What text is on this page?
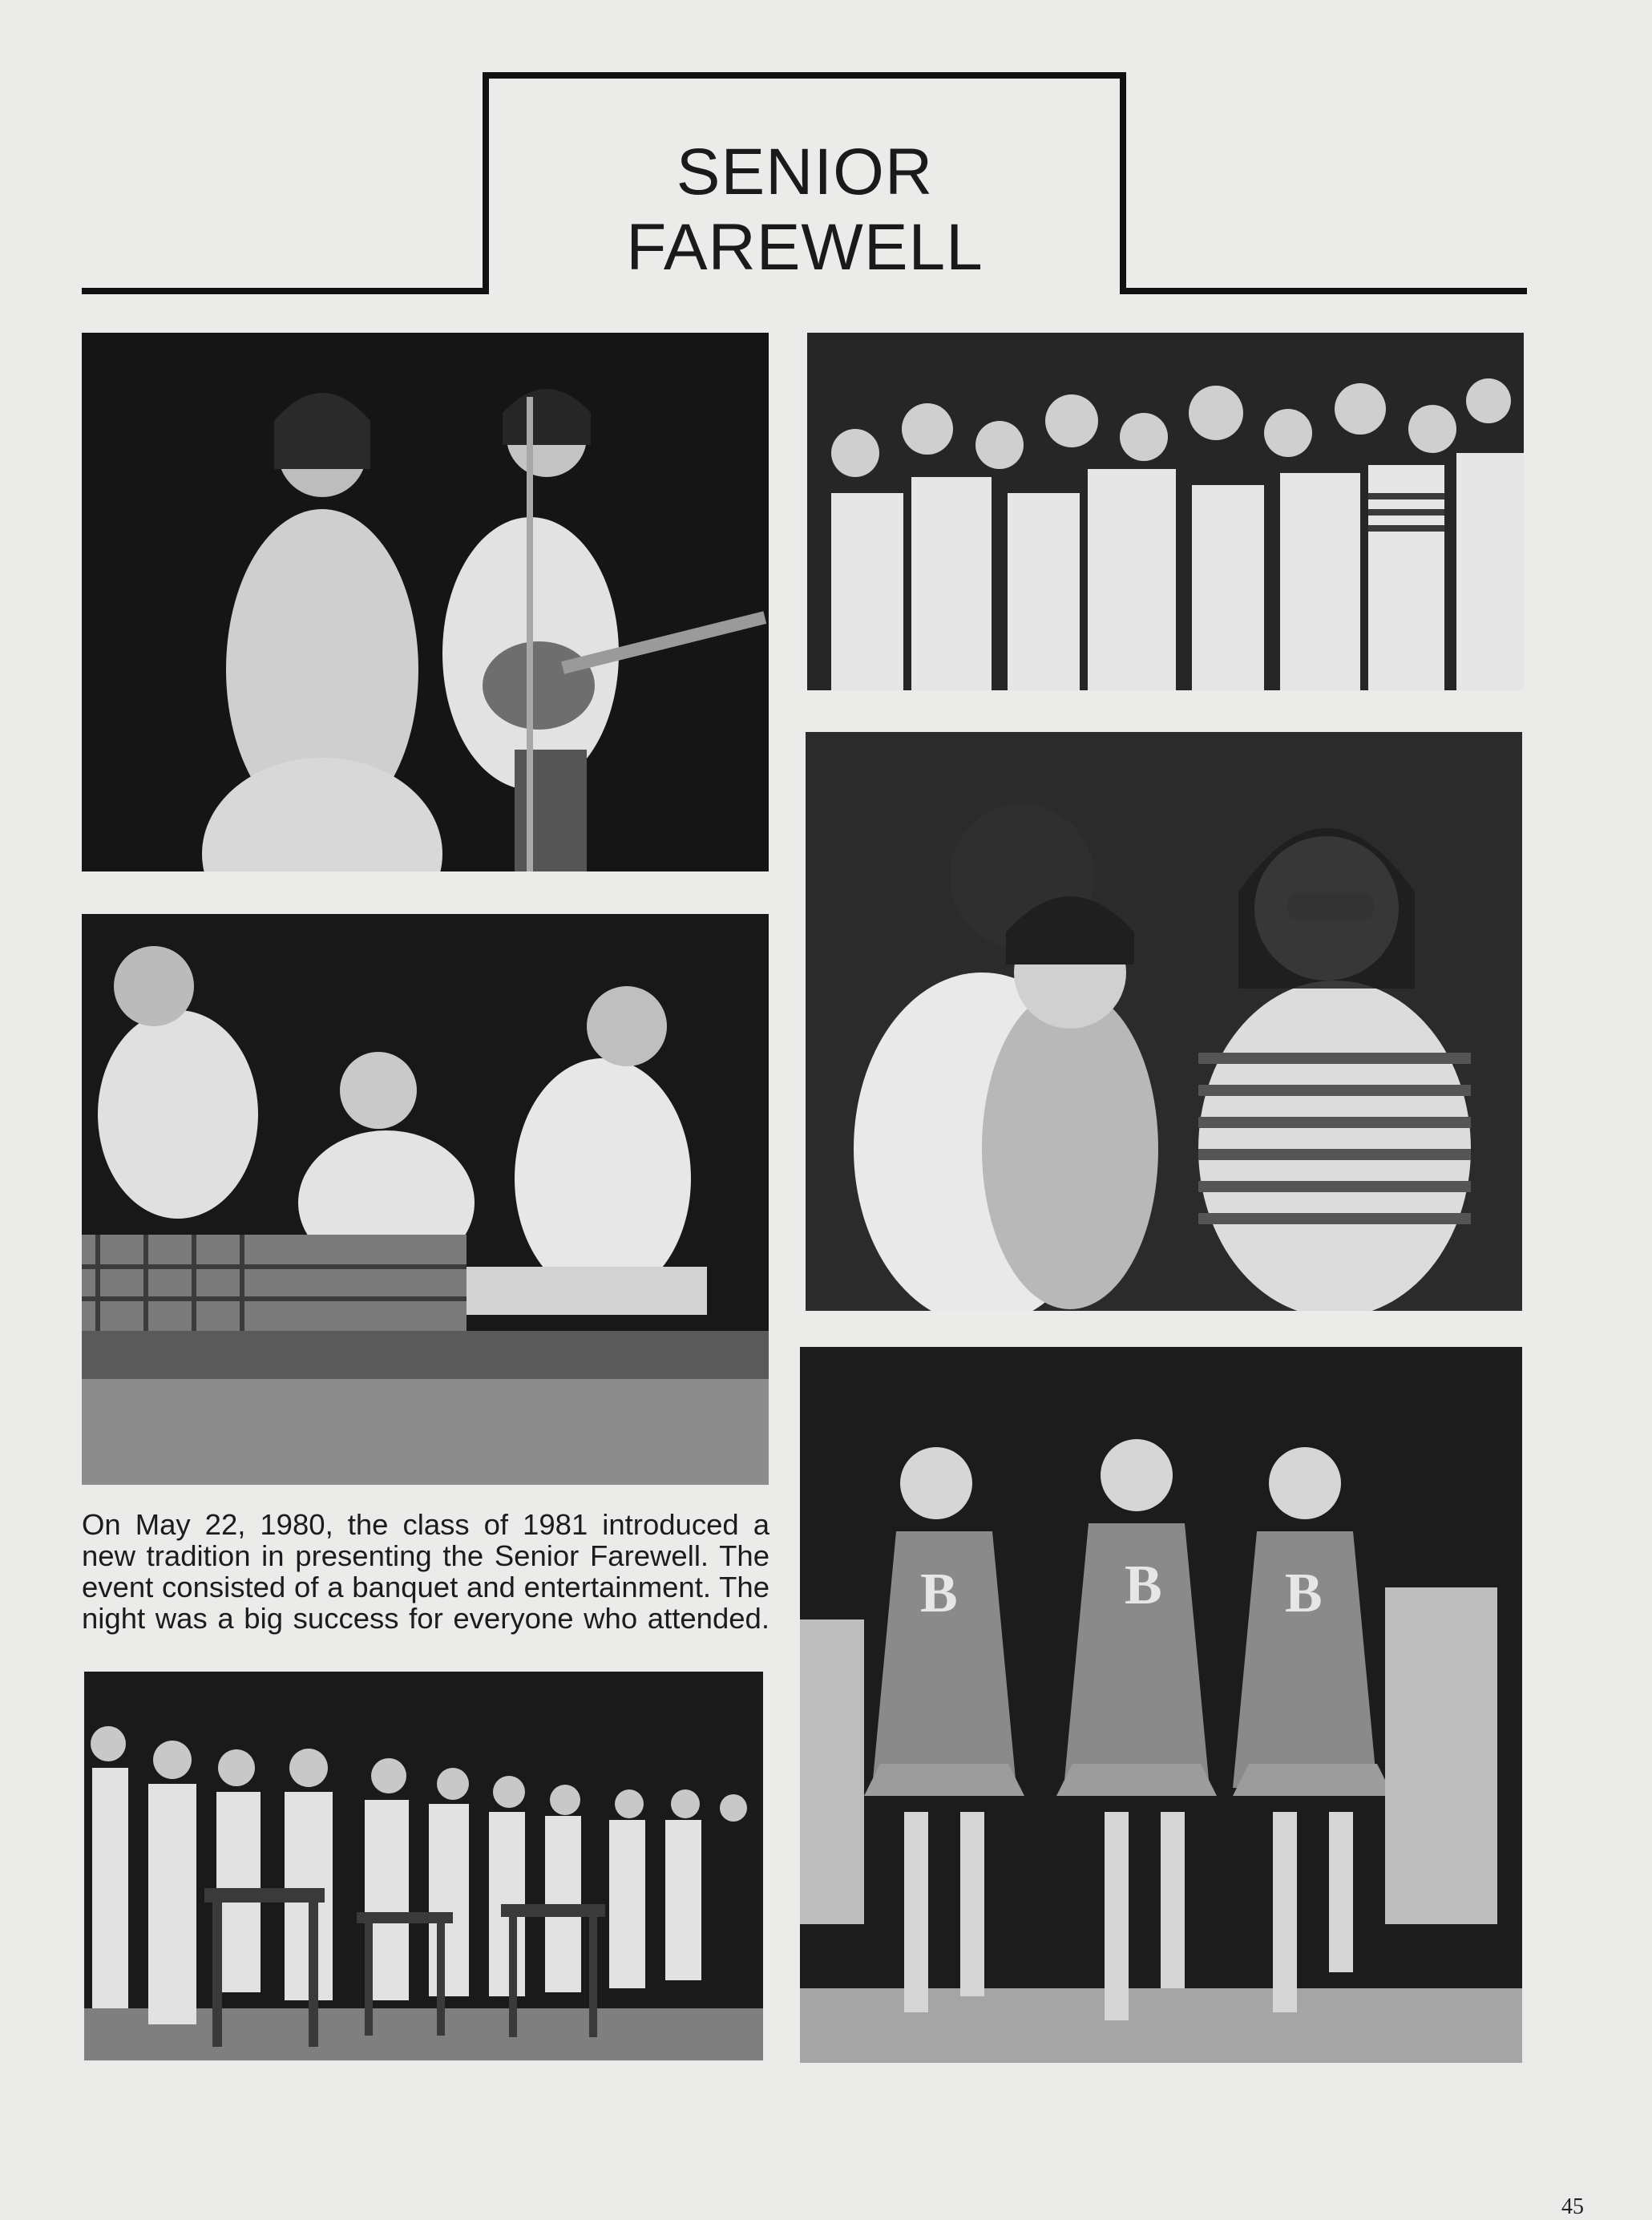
SENIOR
FAREWELL
B	B B

On May 22, 1980, the class of 1981 introduced a new tradition in presenting the Senior Farewell. The event consisted of a banquet and entertainment. The night was a big success for everyone who attended.

45
